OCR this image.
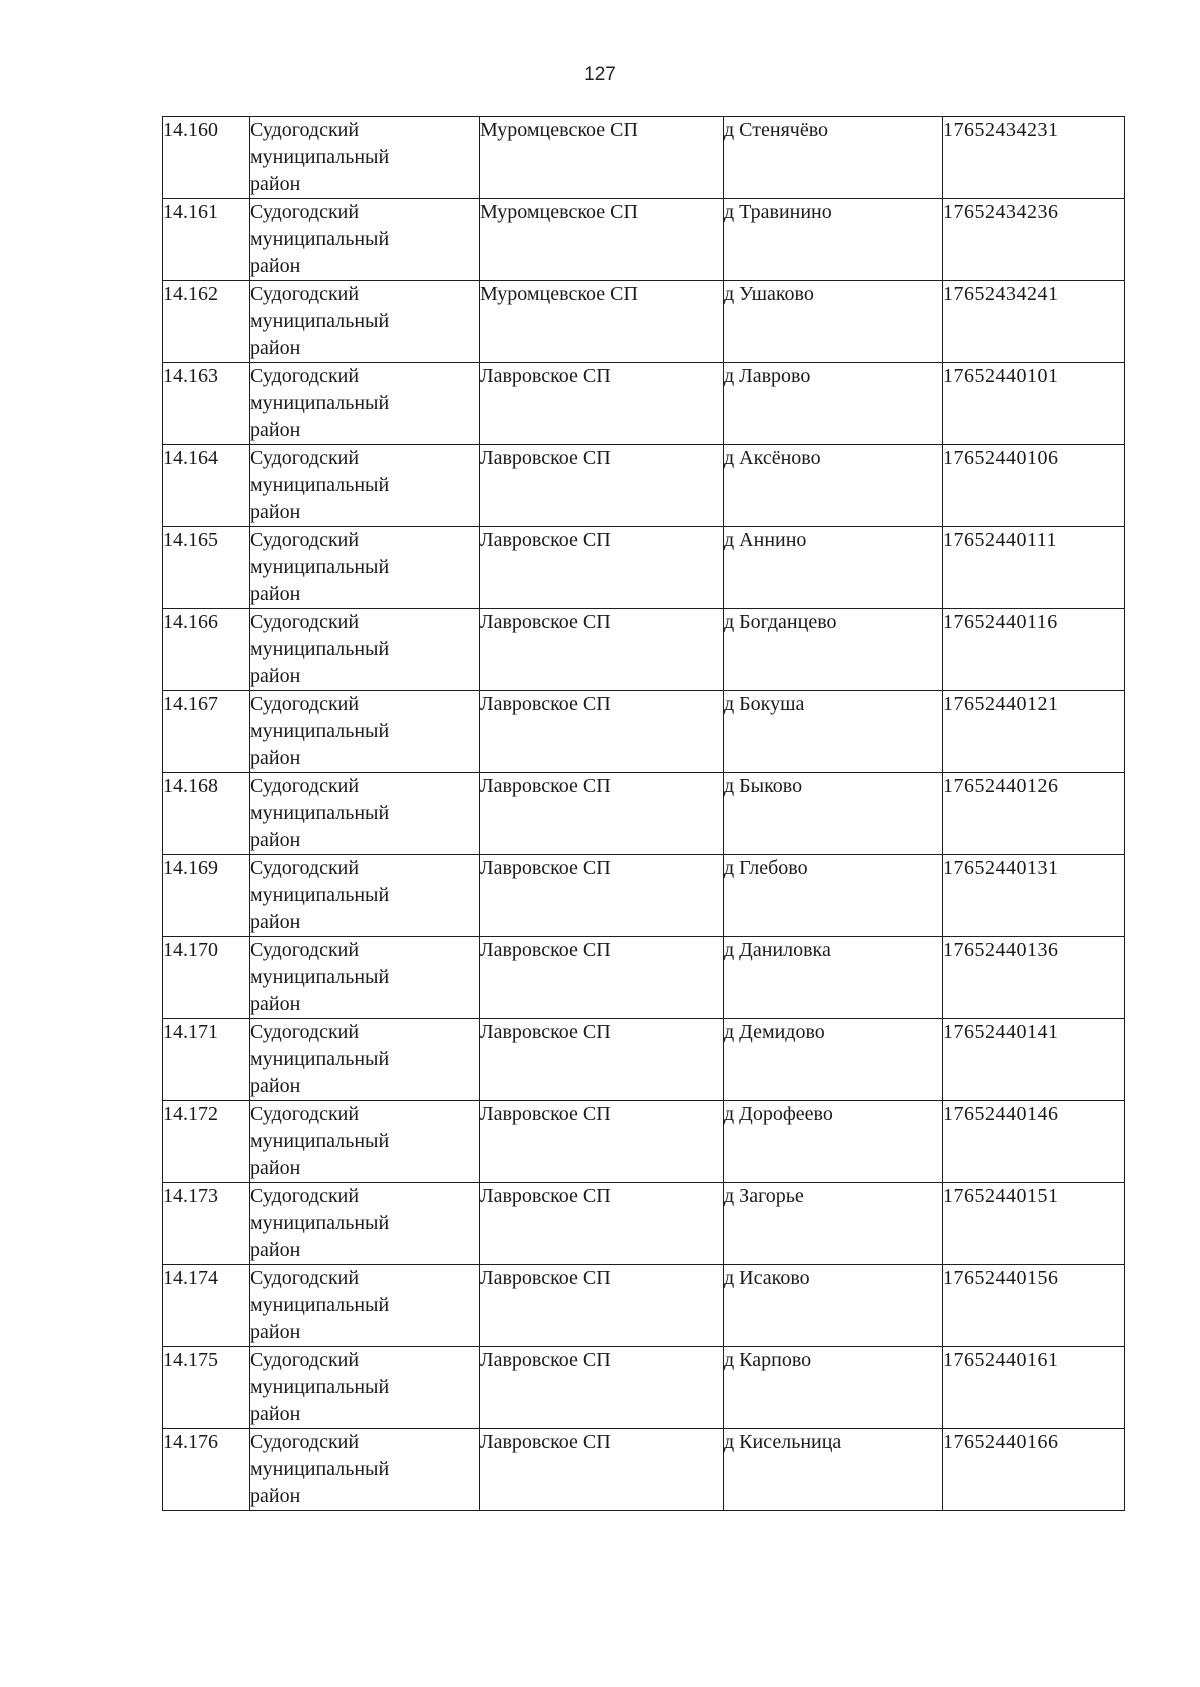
127
14.160	Судогодский муниципальный район	Муромцевское СП	д Стенячёво	17652434231
14.161	Судогодский муниципальный район	Муромцевское СП	д Травинино	17652434236
14.162	Судогодский муниципальный район	Муромцевское СП	д Ушаково	17652434241
14.163	Судогодский муниципальный район	Лавровское СП	д Лаврово	17652440101
14.164	Судогодский муниципальный район	Лавровское СП	д Аксёново	17652440106
14.165	Судогодский муниципальный район	Лавровское СП	д Аннино	17652440111
14.166	Судогодский муниципальный район	Лавровское СП	д Богданцево	17652440116
14.167	Судогодский муниципальный район	Лавровское СП	д Бокуша	17652440121
14.168	Судогодский муниципальный район	Лавровское СП	д Быково	17652440126
14.169	Судогодский муниципальный район	Лавровское СП	д Глебово	17652440131
14.170	Судогодский муниципальный район	Лавровское СП	д Даниловка	17652440136
14.171	Судогодский муниципальный район	Лавровское СП	д Демидово	17652440141
14.172	Судогодский муниципальный район	Лавровское СП	д Дорофеево	17652440146
14.173	Судогодский муниципальный район	Лавровское СП	д Загорье	17652440151
14.174	Судогодский муниципальный район	Лавровское СП	д Исаково	17652440156
14.175	Судогодский муниципальный район	Лавровское СП	д Карпово	17652440161
14.176	Судогодский муниципальный район	Лавровское СП	д Кисельница	17652440166
